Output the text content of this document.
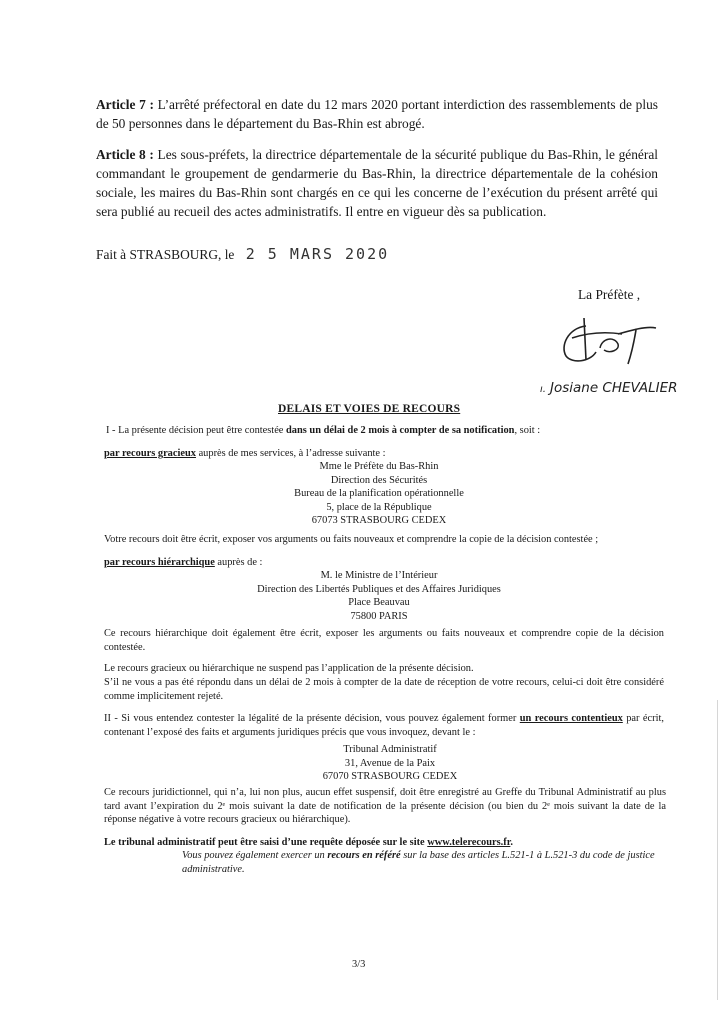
Article 7 : L’arrêté préfectoral en date du 12 mars 2020 portant interdiction des rassemblements de plus de 50 personnes dans le département du Bas-Rhin est abrogé.
Article 8 : Les sous-préfets, la directrice départementale de la sécurité publique du Bas-Rhin, le général commandant le groupement de gendarmerie du Bas-Rhin, la directrice départementale de la cohésion sociale, les maires du Bas-Rhin sont chargés en ce qui les concerne de l’exécution du présent arrêté qui sera publié au recueil des actes administratifs. Il entre en vigueur dès sa publication.
Fait à STRASBOURG, le 2 5 MARS 2020
La Préfète ,
ı. Josiane CHEVALIER
DELAIS ET VOIES DE RECOURS
I - La présente décision peut être contestée dans un délai de 2 mois à compter de sa notification, soit :
par recours gracieux auprès de mes services, à l’adresse suivante :
Mme le Préfète du Bas-Rhin
Direction des Sécurités
Bureau de la planification opérationnelle
5, place de la République
67073 STRASBOURG CEDEX
Votre recours doit être écrit, exposer vos arguments ou faits nouveaux et comprendre la copie de la décision contestée ;
par recours hiérarchique auprès de :
M. le Ministre de l’Intérieur
Direction des Libertés Publiques et des Affaires Juridiques
Place Beauvau
75800 PARIS
Ce recours hiérarchique doit également être écrit, exposer les arguments ou faits nouveaux et comprendre copie de la décision contestée.
Le recours gracieux ou hiérarchique ne suspend pas l’application de la présente décision.
S’il ne vous a pas été répondu dans un délai de 2 mois à compter de la date de réception de votre recours, celui-ci doit être considéré comme implicitement rejeté.
II - Si vous entendez contester la légalité de la présente décision, vous pouvez également former un recours contentieux par écrit, contenant l’exposé des faits et arguments juridiques précis que vous invoquez, devant le :
Tribunal Administratif
31, Avenue de la Paix
67070 STRASBOURG CEDEX
Ce recours juridictionnel, qui n’a, lui non plus, aucun effet suspensif, doit être enregistré au Greffe du Tribunal Administratif au plus tard avant l’expiration du 2ᵉ mois suivant la date de notification de la présente décision (ou bien du 2ᵉ mois suivant la date de la réponse négative à votre recours gracieux ou hiérarchique).
Le tribunal administratif peut être saisi d’une requête déposée sur le site www.telerecours.fr.
Vous pouvez également exercer un recours en référé sur la base des articles L.521-1 à L.521-3 du code de justice administrative.
3/3
